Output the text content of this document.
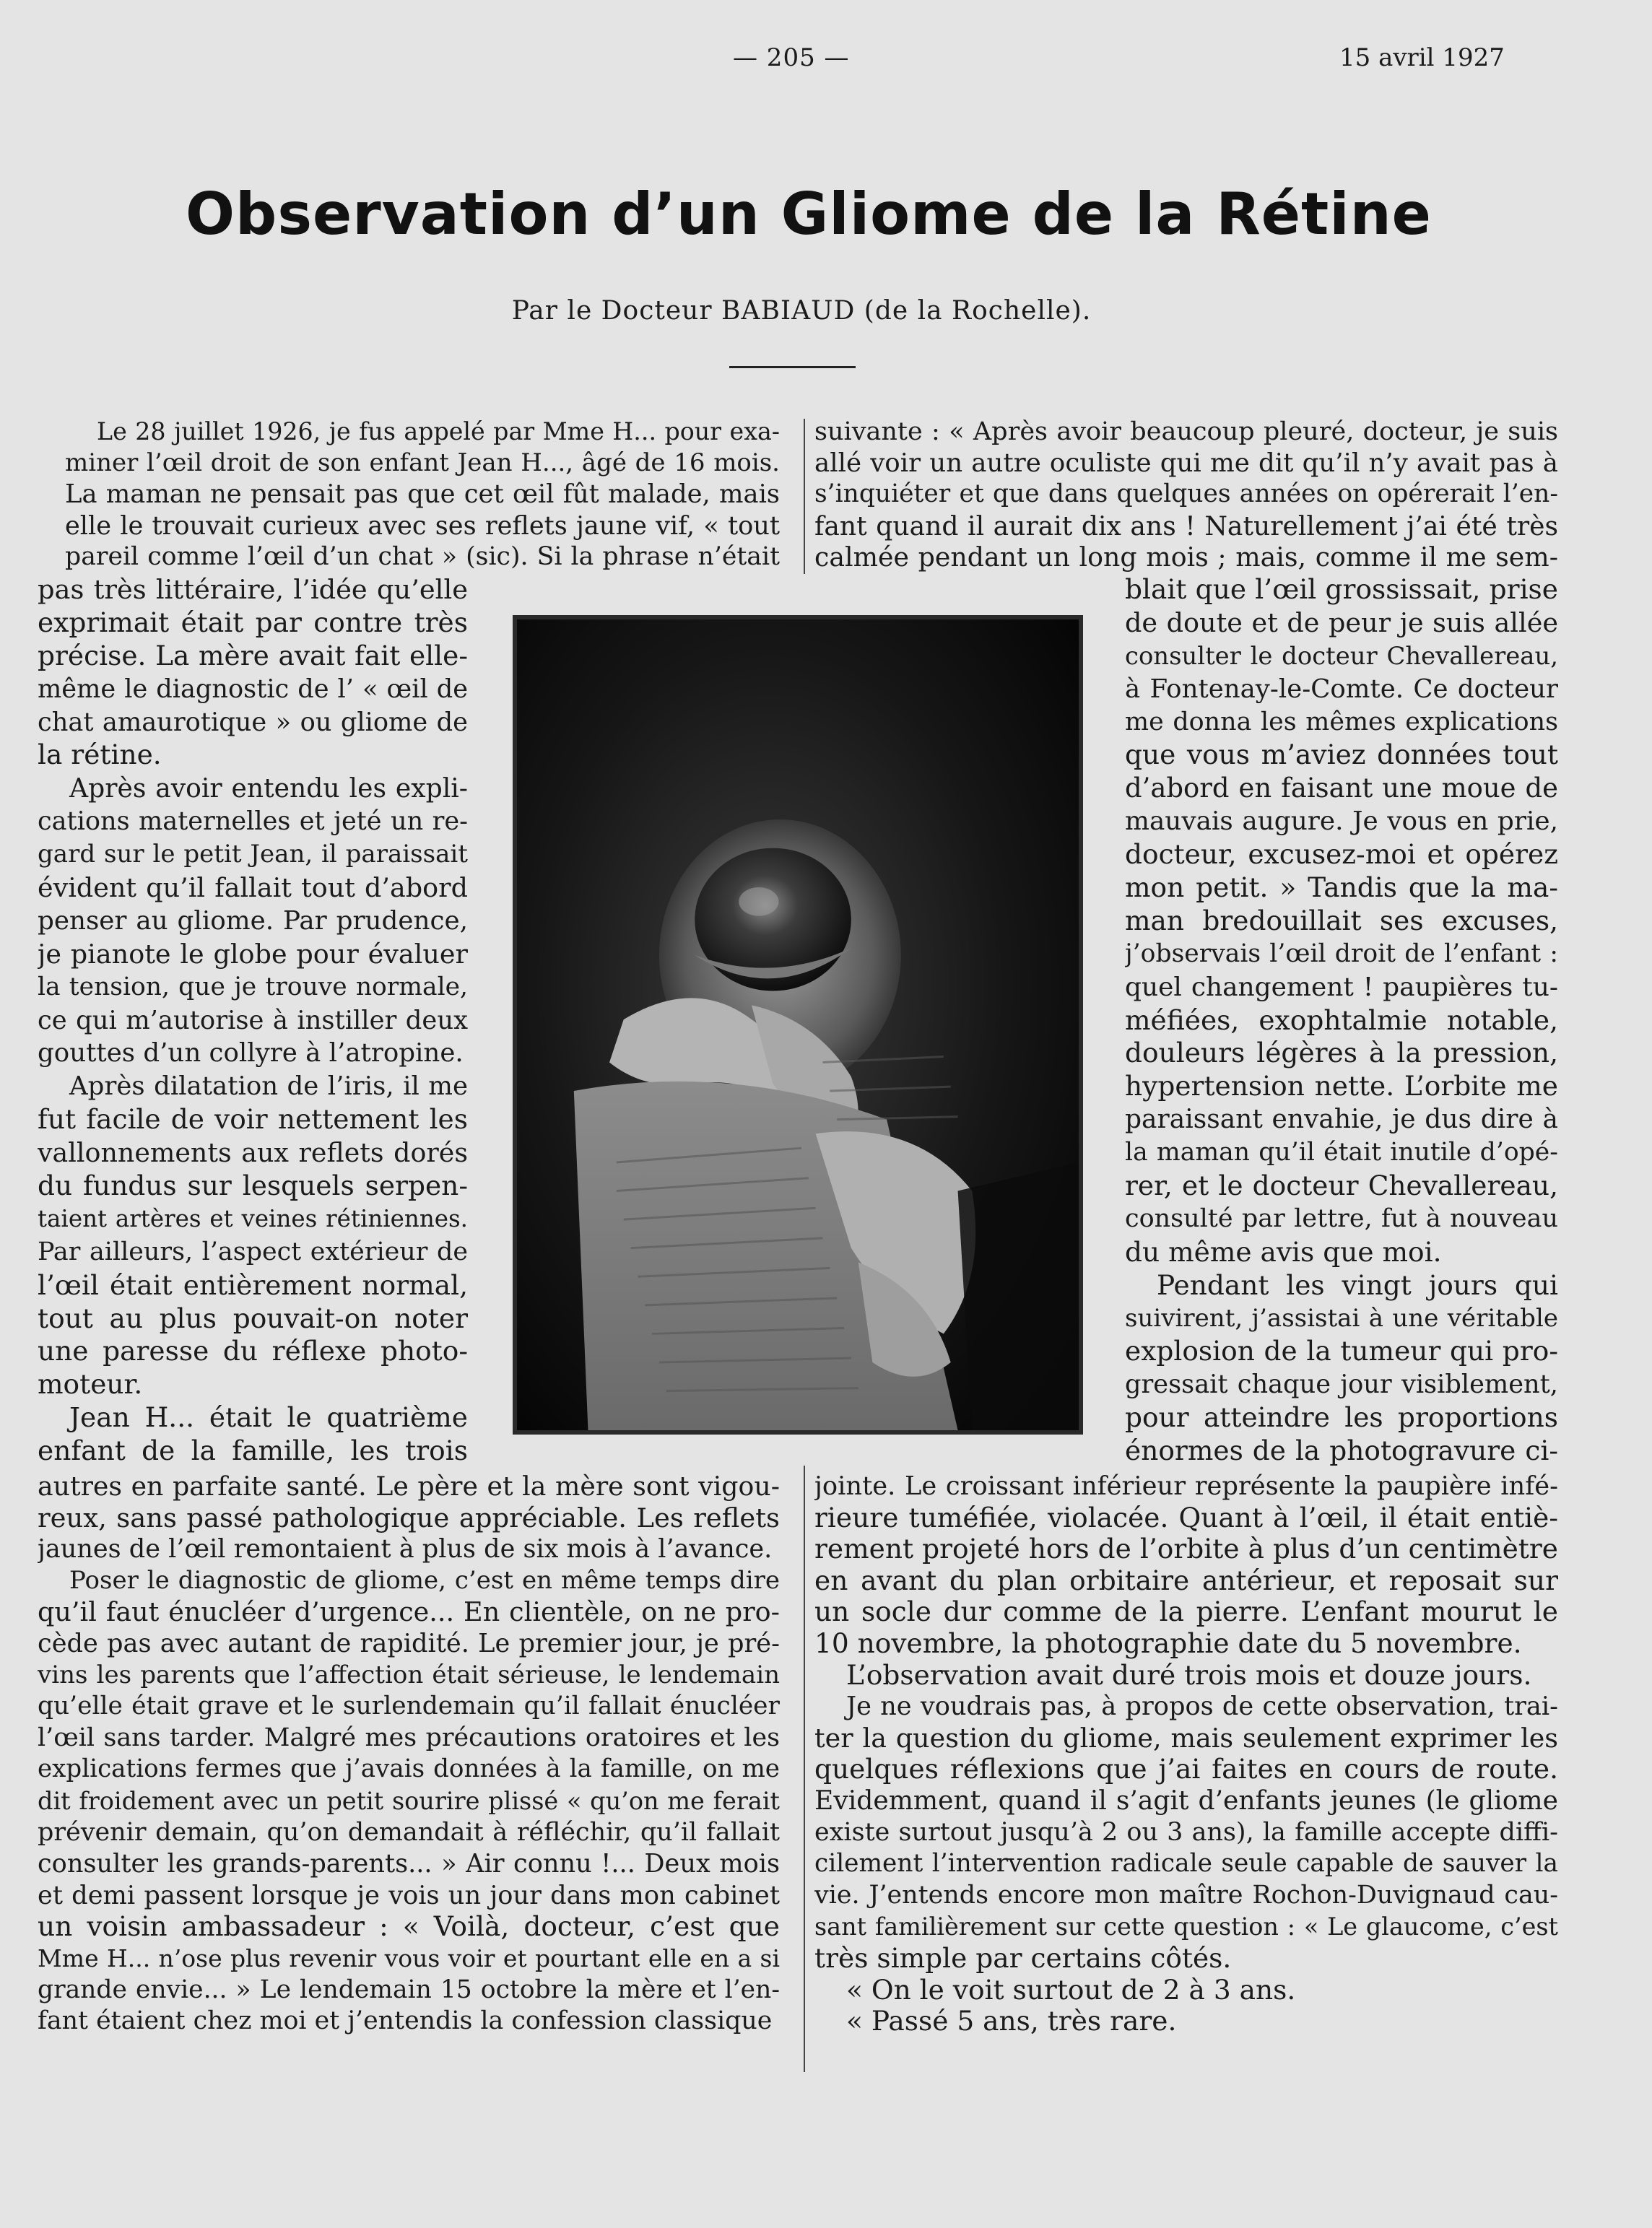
— 205 —	15 avril 1927
Observation d’un Gliome de la Rétine
Par le Docteur BABIAUD (de la Rochelle).
Le 28 juillet 1926, je fus appelé par Mme H... pour exa-
miner l’œil droit de son enfant Jean H..., âgé de 16 mois.
La maman ne pensait pas que cet œil fût malade, mais
elle le trouvait curieux avec ses reflets jaune vif, « tout
pareil comme l’œil d’un chat » (sic). Si la phrase n’était
pas très littéraire, l’idée qu’elle
exprimait était par contre très
précise. La mère avait fait elle-
même le diagnostic de l’ « œil de
chat amaurotique » ou gliome de
la rétine.
Après avoir entendu les expli-
cations maternelles et jeté un re-
gard sur le petit Jean, il paraissait
évident qu’il fallait tout d’abord
penser au gliome. Par prudence,
je pianote le globe pour évaluer
la tension, que je trouve normale,
ce qui m’autorise à instiller deux
gouttes d’un collyre à l’atropine.
Après dilatation de l’iris, il me
fut facile de voir nettement les
vallonnements aux reflets dorés
du fundus sur lesquels serpen-
taient artères et veines rétiniennes.
Par ailleurs, l’aspect extérieur de
l’œil était entièrement normal,
tout au plus pouvait-on noter
une paresse du réflexe photo-
moteur.
Jean H... était le quatrième
enfant de la famille, les trois
autres en parfaite santé. Le père et la mère sont vigou-
reux, sans passé pathologique appréciable. Les reflets
jaunes de l’œil remontaient à plus de six mois à l’avance.
Poser le diagnostic de gliome, c’est en même temps dire
qu’il faut énucléer d’urgence... En clientèle, on ne pro-
cède pas avec autant de rapidité. Le premier jour, je pré-
vins les parents que l’affection était sérieuse, le lendemain
qu’elle était grave et le surlendemain qu’il fallait énucléer
l’œil sans tarder. Malgré mes précautions oratoires et les
explications fermes que j’avais données à la famille, on me
dit froidement avec un petit sourire plissé « qu’on me ferait
prévenir demain, qu’on demandait à réfléchir, qu’il fallait
consulter les grands-parents... » Air connu !... Deux mois
et demi passent lorsque je vois un jour dans mon cabinet
un voisin ambassadeur : « Voilà, docteur, c’est que
Mme H... n’ose plus revenir vous voir et pourtant elle en a si
grande envie... » Le lendemain 15 octobre la mère et l’en-
fant étaient chez moi et j’entendis la confession classique
suivante : « Après avoir beaucoup pleuré, docteur, je suis
allé voir un autre oculiste qui me dit qu’il n’y avait pas à
s’inquiéter et que dans quelques années on opérerait l’en-
fant quand il aurait dix ans ! Naturellement j’ai été très
calmée pendant un long mois ; mais, comme il me sem-
blait que l’œil grossissait, prise
de doute et de peur je suis allée
consulter le docteur Chevallereau,
à Fontenay-le-Comte. Ce docteur
me donna les mêmes explications
que vous m’aviez données tout
d’abord en faisant une moue de
mauvais augure. Je vous en prie,
docteur, excusez-moi et opérez
mon petit. » Tandis que la ma-
man bredouillait ses excuses,
j’observais l’œil droit de l’enfant :
quel changement ! paupières tu-
méfiées, exophtalmie notable,
douleurs légères à la pression,
hypertension nette. L’orbite me
paraissant envahie, je dus dire à
la maman qu’il était inutile d’opé-
rer, et le docteur Chevallereau,
consulté par lettre, fut à nouveau
du même avis que moi.
Pendant les vingt jours qui
suivirent, j’assistai à une véritable
explosion de la tumeur qui pro-
gressait chaque jour visiblement,
pour atteindre les proportions
énormes de la photogravure ci-
jointe. Le croissant inférieur représente la paupière infé-
rieure tuméfiée, violacée. Quant à l’œil, il était entiè-
rement projeté hors de l’orbite à plus d’un centimètre
en avant du plan orbitaire antérieur, et reposait sur
un socle dur comme de la pierre. L’enfant mourut le
10 novembre, la photographie date du 5 novembre.
L’observation avait duré trois mois et douze jours.
Je ne voudrais pas, à propos de cette observation, trai-
ter la question du gliome, mais seulement exprimer les
quelques réflexions que j’ai faites en cours de route.
Evidemment, quand il s’agit d’enfants jeunes (le gliome
existe surtout jusqu’à 2 ou 3 ans), la famille accepte diffi-
cilement l’intervention radicale seule capable de sauver la
vie. J’entends encore mon maître Rochon-Duvignaud cau-
sant familièrement sur cette question : « Le glaucome, c’est
très simple par certains côtés.
« On le voit surtout de 2 à 3 ans.
« Passé 5 ans, très rare.
